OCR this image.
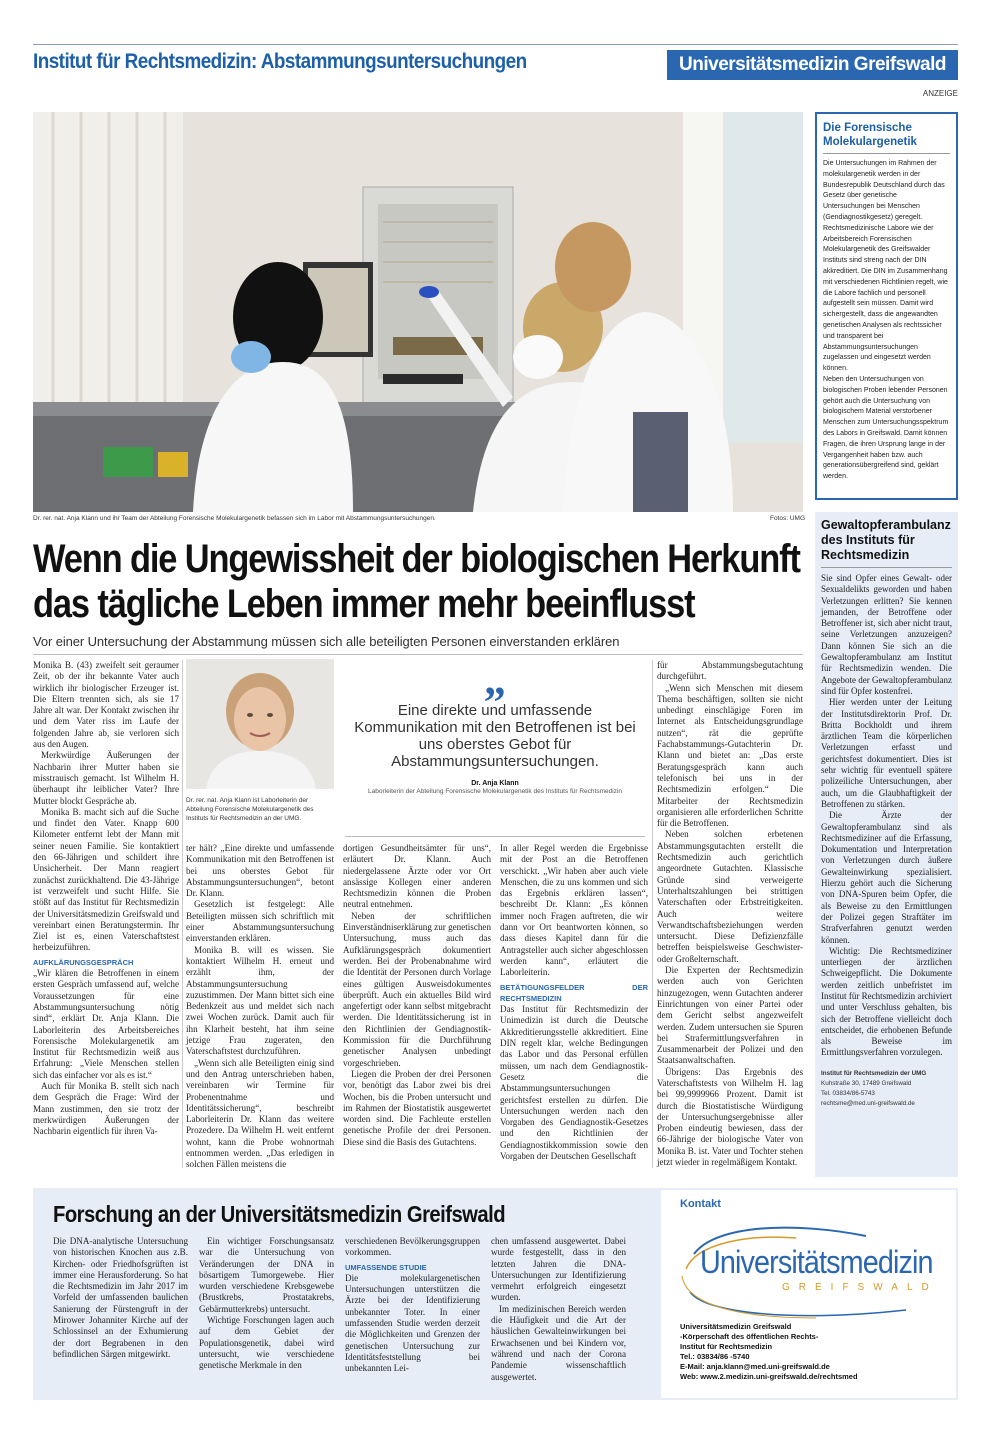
Institut für Rechtsmedizin: Abstammungsuntersuchungen	Universitätsmedizin Greifswald
ANZEIGE
Dr. rer. nat. Anja Klann und ihr Team der Abteilung Forensische Molekulargenetik befassen sich im Labor mit Abstammungsuntersuchungen.	Fotos: UMG
Die Forensische Molekulargenetik

Die Untersuchungen im Rahmen der molekulargenetik werden in der Bundesrepublik Deutschland durch das Gesetz über genetische Untersuchungen bei Menschen (Gendiagnostikgesetz) geregelt.

Rechtsmedizinische Labore wie der Arbeitsbereich Forensischen Molekulargenetik des Greifswalder Instituts sind streng nach der DIN akkreditiert. Die DIN im Zusammenhang mit verschiedenen Richtlinien regelt, wie die Labore fachlich und personell aufgestellt sein müssen. Damit wird sichergestellt, dass die angewandten genetischen Analysen als rechtssicher und transparent bei Abstammungsuntersuchungen zugelassen und eingesetzt werden können.

Neben den Untersuchungen von biologischen Proben lebender Personen gehört auch die Untersuchung von biologischem Material verstorbener Menschen zum Untersuchungsspektrum des Labors in Greifswald. Damit können Fragen, die ihren Ursprung lange in der Vergangenheit haben bzw. auch generationsübergreifend sind, geklärt werden.

Gewaltopferambulanz des Instituts für Rechtsmedizin

Sie sind Opfer eines Gewalt- oder Sexualdelikts geworden und haben Verletzungen erlitten? Sie kennen jemanden, der Betroffene oder Betroffener ist, sich aber nicht traut, seine Verletzungen anzuzeigen? Dann können Sie sich an die Gewaltopferambulanz am Institut für Rechtsmedizin wenden. Die Angebote der Gewaltopferambulanz sind für Opfer kostenfrei.

Hier werden unter der Leitung der Institutsdirektorin Prof. Dr. Britta Bockholdt und ihrem ärztlichen Team die körperlichen Verletzungen erfasst und gerichtsfest dokumentiert. Dies ist sehr wichtig für eventuell spätere polizeiliche Untersuchungen, aber auch, um die Glaubhaftigkeit der Betroffenen zu stärken.

Die Ärzte der Gewaltopferambulanz sind als Rechtsmediziner auf die Erfassung, Dokumentation und Interpretation von Verletzungen durch äußere Gewalteinwirkung spezialisiert. Hierzu gehört auch die Sicherung von DNA-Spuren beim Opfer, die als Beweise zu den Ermittlungen der Polizei gegen Straftäter im Strafverfahren genutzt werden können.

Wichtig: Die Rechtsmediziner unterliegen der ärztlichen Schweigepflicht. Die Dokumente werden zeitlich unbefristet im Institut für Rechtsmedizin archiviert und unter Verschluss gehalten, bis sich der Betroffene vielleicht doch entscheidet, die erhobenen Befunde als Beweise im Ermittlungsverfahren vorzulegen.

Institut für Rechtsmedizin der UMG
Kuhstraße 30, 17489 Greifswald
Tel. 03834/86-5743
rechtsme@med.uni-greifswald.de
Wenn die Ungewissheit der biologischen Herkunft
das tägliche Leben immer mehr beeinflusst
Vor einer Untersuchung der Abstammung müssen sich alle beteiligten Personen einverstanden erklären

Monika B. (43) zweifelt seit geraumer Zeit, ob der ihr bekannte Vater auch wirklich ihr biologischer Erzeuger ist. Die Eltern trennten sich, als sie 17 Jahre alt war. Der Kontakt zwischen ihr und dem Vater riss im Laufe der folgenden Jahre ab, sie verloren sich aus den Augen.

Merkwürdige Äußerungen der Nachbarin ihrer Mutter haben sie misstrauisch gemacht. Ist Wilhelm H. überhaupt ihr leiblicher Vater? Ihre Mutter blockt Gespräche ab.

Monika B. macht sich auf die Suche und findet den Vater. Knapp 600 Kilometer entfernt lebt der Mann mit seiner neuen Familie. Sie kontaktiert den 66-Jährigen und schildert ihre Unsicherheit. Der Mann reagiert zunächst zurückhaltend. Die 43-Jährige ist verzweifelt und sucht Hilfe. Sie stößt auf das Institut für Rechtsmedizin der Universitätsmedizin Greifswald und vereinbart einen Beratungstermin. Ihr Ziel ist es, einen Vaterschaftstest herbeizuführen.

AUFKLÄRUNGSGESPRÄCH

„Wir klären die Betroffenen in einem ersten Gespräch umfassend auf, welche Voraussetzungen für eine Abstammungsuntersuchung nötig sind“, erklärt Dr. Anja Klann. Die Laborleiterin des Arbeitsbereiches Forensische Molekulargenetik am Institut für Rechtsmedizin weiß aus Erfahrung: „Viele Menschen stellen sich das einfacher vor als es ist.“

Auch für Monika B. stellt sich nach dem Gespräch die Frage: Wird der Mann zustimmen, den sie trotz der merkwürdigen Äußerungen der Nachbarin eigentlich für ihren Va-

Dr. rer. nat. Anja Klann ist Laborleiterin der Abteilung Forensische Molekulargenetik des Instituts für Rechtsmedizin an der UMG.
„
Eine direkte und umfassende Kommunikation mit den Betroffenen ist bei uns oberstes Gebot für Abstammungsuntersuchungen.
Dr. Anja Klann
Laborleiterin der Abteilung Forensische Molekulargenetik des Instituts für Rechtsmedizin

ter hält? „Eine direkte und umfassende Kommunikation mit den Betroffenen ist bei uns oberstes Gebot für Abstammungsuntersuchungen“, betont Dr. Klann.

Gesetzlich ist festgelegt: Alle Beteiligten müssen sich schriftlich mit einer Abstammungsuntersuchung einverstanden erklären.

Monika B. will es wissen. Sie kontaktiert Wilhelm H. erneut und erzählt ihm, der Abstammungsuntersuchung zuzustimmen. Der Mann bittet sich eine Bedenkzeit aus und meldet sich nach zwei Wochen zurück. Damit auch für ihn Klarheit besteht, hat ihm seine jetzige Frau zugeraten, den Vaterschaftstest durchzuführen.

„Wenn sich alle Beteiligten einig sind und den Antrag unterschrieben haben, vereinbaren wir Termine für Probenentnahme und Identitätssicherung“, beschreibt Laborleiterin Dr. Klann das weitere Prozedere. Da Wilhelm H. weit entfernt wohnt, kann die Probe wohnortnah entnommen werden. „Das erledigen in solchen Fällen meistens die

dortigen Gesundheitsämter für uns“, erläutert Dr. Klann. Auch niedergelassene Ärzte oder vor Ort ansässige Kollegen einer anderen Rechtsmedizin können die Proben neutral entnehmen.

Neben der schriftlichen Einverständniserklärung zur genetischen Untersuchung, muss auch das Aufklärungsgespräch dokumentiert werden. Bei der Probenabnahme wird die Identität der Personen durch Vorlage eines gültigen Ausweisdokumentes überprüft. Auch ein aktuelles Bild wird angefertigt oder kann selbst mitgebracht werden. Die Identitätssicherung ist in den Richtlinien der Gendiagnostik-Kommission für die Durchführung genetischer Analysen unbedingt vorgeschrieben.

Liegen die Proben der drei Personen vor, benötigt das Labor zwei bis drei Wochen, bis die Proben untersucht und im Rahmen der Biostatistik ausgewertet worden sind. Die Fachleute erstellen genetische Profile der drei Personen. Diese sind die Basis des Gutachtens.

In aller Regel werden die Ergebnisse mit der Post an die Betroffenen verschickt. „Wir haben aber auch viele Menschen, die zu uns kommen und sich das Ergebnis erklären lassen“, beschreibt Dr. Klann: „Es können immer noch Fragen auftreten, die wir dann vor Ort beantworten können, so dass dieses Kapitel dann für die Antragsteller auch sicher abgeschlossen werden kann“, erläutert die Laborleiterin.

BETÄTIGUNGSFELDER DER RECHTSMEDIZIN

Das Institut für Rechtsmedizin der Unimedizin ist durch die Deutsche Akkreditierungsstelle akkreditiert. Eine DIN regelt klar, welche Bedingungen das Labor und das Personal erfüllen müssen, um nach dem Gendiagnostik-Gesetz die Abstammungsuntersuchungen gerichtsfest erstellen zu dürfen. Die Untersuchungen werden nach den Vorgaben des Gendiagnostik-Gesetzes und den Richtlinien der Gendiagnostikkommission sowie den Vorgaben der Deutschen Gesellschaft

für Abstammungsbegutachtung durchgeführt.

„Wenn sich Menschen mit diesem Thema beschäftigen, sollten sie nicht unbedingt einschlägige Foren im Internet als Entscheidungsgrundlage nutzen“, rät die geprüfte Fachabstammungs-Gutachterin Dr. Klann und bietet an: „Das erste Beratungsgespräch kann auch telefonisch bei uns in der Rechtsmedizin erfolgen.“ Die Mitarbeiter der Rechtsmedizin organisieren alle erforderlichen Schritte für die Betroffenen.

Neben solchen erbetenen Abstammungsgutachten erstellt die Rechtsmedizin auch gerichtlich angeordnete Gutachten. Klassische Gründe sind verweigerte Unterhaltszahlungen bei strittigen Vaterschaften oder Erbstreitigkeiten. Auch weitere Verwandtschaftsbeziehungen werden untersucht. Diese Defizienzfälle betreffen beispielsweise Geschwister- oder Großelternschaft.

Die Experten der Rechtsmedizin werden auch von Gerichten hinzugezogen, wenn Gutachten anderer Einrichtungen von einer Partei oder dem Gericht selbst angezweifelt werden. Zudem untersuchen sie Spuren bei Strafermittlungsverfahren in Zusammenarbeit der Polizei und den Staatsanwaltschaften.

Übrigens: Das Ergebnis des Vaterschaftstests von Wilhelm H. lag bei 99,9999966 Prozent. Damit ist durch die Biostatistische Würdigung der Untersuchungsergebnisse aller Proben eindeutig bewiesen, dass der 66-Jährige der biologische Vater von Monika B. ist. Vater und Tochter stehen jetzt wieder in regelmäßigem Kontakt.

Forschung an der Universitätsmedizin Greifswald

Die DNA-analytische Untersuchung von historischen Knochen aus z.B. Kirchen- oder Friedhofsgrüften ist immer eine Herausforderung. So hat die Rechtsmedizin im Jahr 2017 im Vorfeld der umfassenden baulichen Sanierung der Fürstengruft in der Mirower Johanniter Kirche auf der Schlossinsel an der Exhumierung der dort Begrabenen in den befindlichen Särgen mitgewirkt.

Ein wichtiger Forschungsansatz war die Untersuchung von Veränderungen der DNA in bösartigem Tumorgewebe. Hier wurden verschiedene Krebsgewebe (Brustkrebs, Prostatakrebs, Gebärmutterkrebs) untersucht.

Wichtige Forschungen lagen auch auf dem Gebiet der Populationsgenetik, dabei wird untersucht, wie verschiedene genetische Merkmale in den

verschiedenen Bevölkerungsgruppen vorkommen.

UMFASSENDE STUDIE

Die molekulargenetischen Untersuchungen unterstützen die Ärzte bei der Identifizierung unbekannter Toter. In einer umfassenden Studie werden derzeit die Möglichkeiten und Grenzen der genetischen Untersuchung zur Identitätsfeststellung bei unbekannten Lei-

chen umfassend ausgewertet. Dabei wurde festgestellt, dass in den letzten Jahren die DNA-Untersuchungen zur Identifizierung vermehrt erfolgreich eingesetzt wurden.

Im medizinischen Bereich werden die Häufigkeit und die Art der häuslichen Gewalteinwirkungen bei Erwachsenen und bei Kindern vor, während und nach der Corona Pandemie wissenschaftlich ausgewertet.

Kontakt
Universitätsmedizin
GREIFSWALD
Universitätsmedizin Greifswald
-Körperschaft des öffentlichen Rechts-
Institut für Rechtsmedizin
Tel.: 03834/86 -5740
E-Mail: anja.klann@med.uni-greifswald.de
Web: www.2.medizin.uni-greifswald.de/rechtsmed
